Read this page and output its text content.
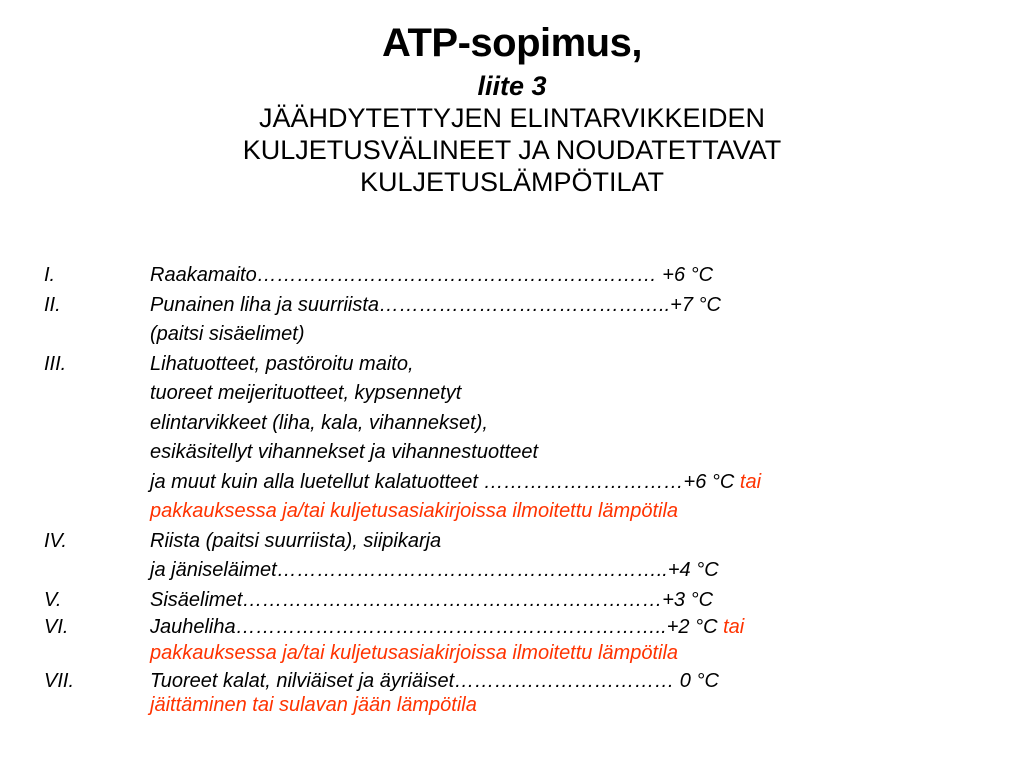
ATP-sopimus,
liite 3
JÄÄHDYTETTYJEN ELINTARVIKKEIDEN
KULJETUSVÄLINEET JA NOUDATETTAVAT
KULJETUSLÄMPÖTILAT
I.	Raakamaito…………………………………………………… +6 °C
II.	Punainen liha ja suurriista……………………………………..+7 °C
(paitsi sisäelimet)
III.	Lihatuotteet, pastöroitu maito,
tuoreet meijerituotteet, kypsennetyt
elintarvikkeet (liha, kala, vihannekset),
esikäsitellyt vihannekset ja vihannestuotteet
ja muut kuin alla luetellut kalatuotteet …………………………+6 °C tai
pakkauksessa ja/tai kuljetusasiakirjoissa ilmoitettu lämpötila
IV.	Riista (paitsi suurriista), siipikarja
ja jäniseläimet…………………………………………………..+4 °C
V.	Sisäelimet………………………………………………………+3 °C
VI.	Jauheliha………………………………………………………..+2 °C tai
pakkauksessa ja/tai kuljetusasiakirjoissa ilmoitettu lämpötila
VII.	Tuoreet kalat, nilviäiset ja äyriäiset…………………………… 0 °C
jäittäminen tai sulavan jään lämpötila
